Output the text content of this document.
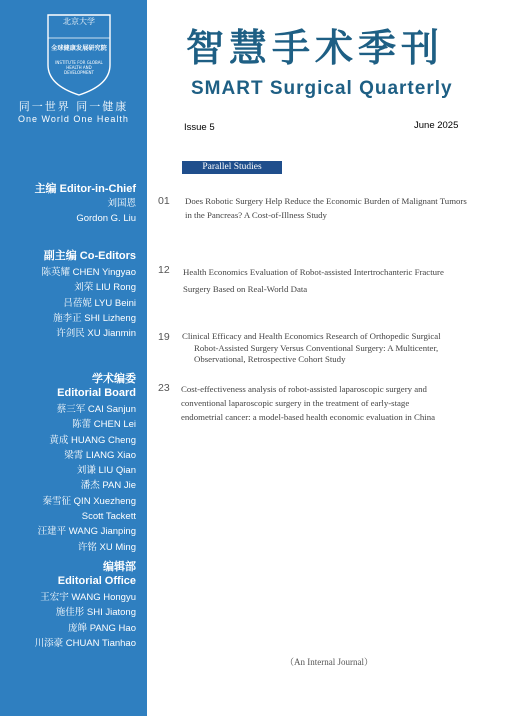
北京大学
全球健康发展研究院
INSTITUTE FOR GLOBAL HEALTH AND DEVELOPMENT
同一世界 同一健康
One World One Health
主编 Editor-in-Chief
刘国恩
Gordon G. Liu
副主编 Co-Editors
陈英耀 CHEN Yingyao
刘荣 LIU Rong
吕蓓妮 LYU Beini
施李正 SHI Lizheng
许剑民 XU Jianmin
学术编委
Editorial Board
蔡三军 CAI Sanjun
陈蕾 CHEN Lei
黄成 HUANG Cheng
梁霄 LIANG Xiao
刘谦 LIU Qian
潘杰 PAN Jie
秦雪征 QIN Xuezheng
Scott Tackett
汪建平 WANG Jianping
许铭 XU Ming
编辑部
Editorial Office
王宏宇 WANG Hongyu
施佳彤 SHI Jiatong
庞皞 PANG Hao
川添豪 CHUAN Tianhao
智慧手术季刊
SMART Surgical Quarterly
Issue 5	June 2025
Parallel Studies
01 Does Robotic Surgery Help Reduce the Economic Burden of Malignant Tumors
in the Pancreas? A Cost-of-Illness Study
12 Health Economics Evaluation of Robot-assisted Intertrochanteric Fracture
Surgery Based on Real-World Data
19 Clinical Efficacy and Health Economics Research of Orthopedic Surgical
Robot-Assisted Surgery Versus Conventional Surgery: A Multicenter,
Observational, Retrospective Cohort Study
23 Cost-effectiveness analysis of robot-assisted laparoscopic surgery and
conventional laparoscopic surgery in the treatment of early-stage
endometrial cancer: a model-based health economic evaluation in China
（An Internal Journal）
